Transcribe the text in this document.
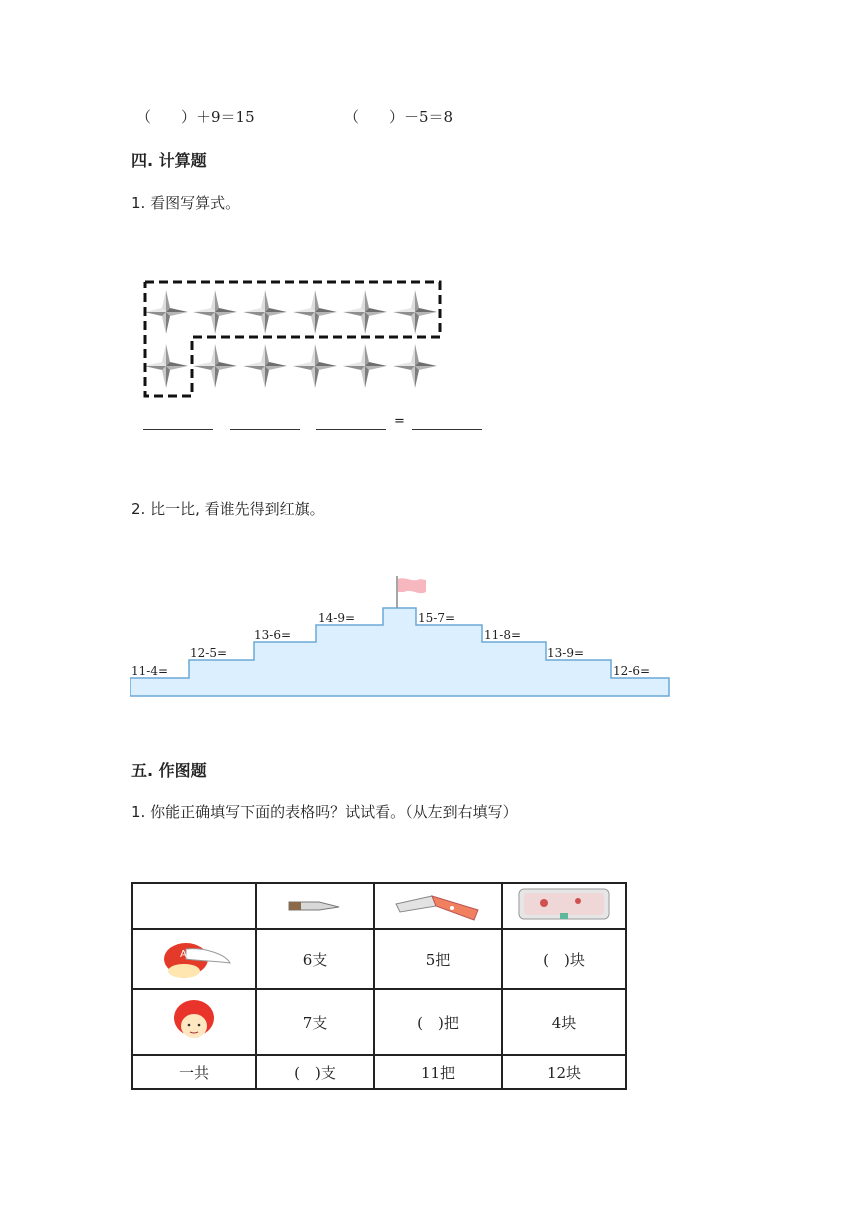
（　　）＋9＝15	（　　）－5＝8
四. 计算题
1. 看图写算式。
=
2. 比一比, 看谁先得到红旗。
11-4=
12-5=
13-6=
14-9=	15-7=
11-8=
13-9=
12-6=
五. 作图题
1. 你能正确填写下面的表格吗？试试看。（从左到右填写）

A	6支	5把	(　)块
	7支	(　)把	4块
一共	(　)支	11把	12块
